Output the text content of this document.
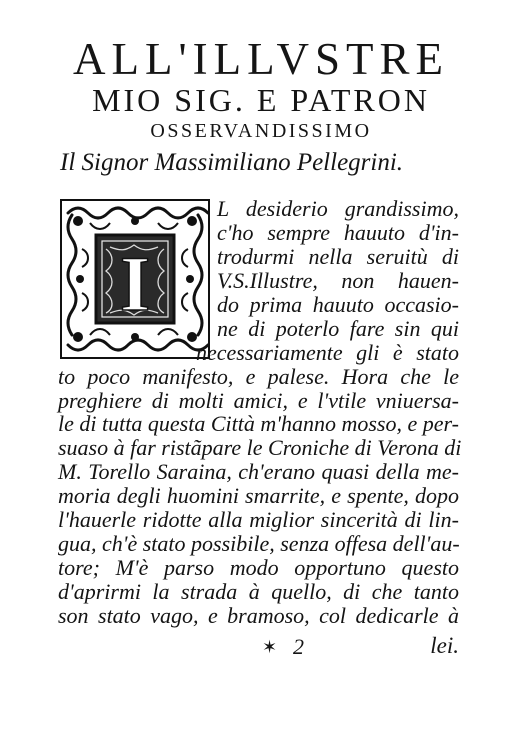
ALL'ILLVSTRE
MIO SIG. E PATRON
OSSERVANDISSIMO
Il Signor Massimiliano Pellegrini.
I
L desiderio grandissimo,
c'ho sempre hauuto d'in-
trodurmi nella seruitù di
V.S.Illustre, non hauen-
do prima hauuto occasio-
ne di poterlo fare sin qui
necessariamente gli è stato
to poco manifesto, e palese. Hora che le
preghiere di molti amici, e l'vtile vniuersa-
le di tutta questa Città m'hanno mosso, e per-
suaso à far ristãpare le Croniche di Verona di
M. Torello Saraina, ch'erano quasi della me-
moria degli huomini smarrite, e spente, dopo
l'hauerle ridotte alla miglior sincerità di lin-
gua, ch'è stato possibile, senza offesa dell'au-
✶ 2	lei.
tore; M'è parso modo opportuno questo
d'aprirmi la strada à quello, di che tanto
son stato vago, e bramoso, col dedicarle à
